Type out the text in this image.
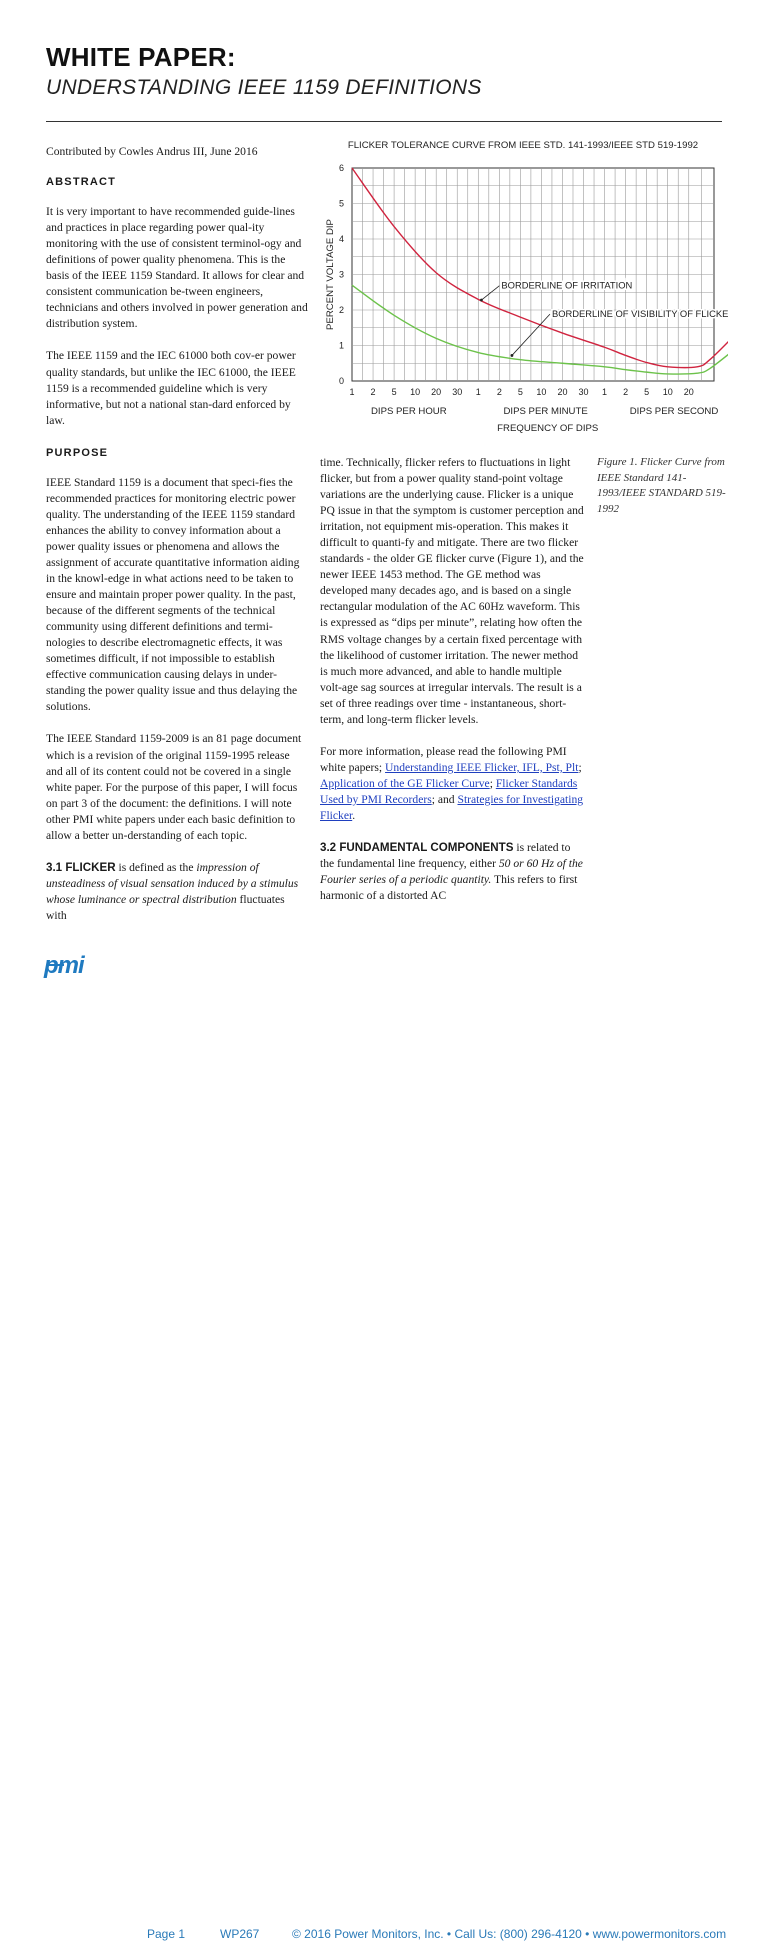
WHITE PAPER:
UNDERSTANDING IEEE 1159 DEFINITIONS

Contributed by Cowles Andrus III, June 2016

ABSTRACT

It is very important to have recommended guide-lines and practices in place regarding power qual-ity monitoring with the use of consistent terminol-ogy and definitions of power quality phenomena. This is the basis of the IEEE 1159 Standard. It allows for clear and consistent communication be-tween engineers, technicians and others involved in power generation and distribution system.

The IEEE 1159 and the IEC 61000 both cov-er power quality standards, but unlike the IEC 61000, the IEEE 1159 is a recommended guideline which is very informative, but not a national stan-dard enforced by law.

PURPOSE

IEEE Standard 1159 is a document that speci-fies the recommended practices for monitoring electric power quality. The understanding of the IEEE 1159 standard enhances the ability to convey information about a power quality issues or phenomena and allows the assignment of accurate quantitative information aiding in the knowl-edge in what actions need to be taken to ensure and maintain proper power quality. In the past, because of the different segments of the technical community using different definitions and termi-nologies to describe electromagnetic effects, it was sometimes difficult, if not impossible to establish effective communication causing delays in under-standing the power quality issue and thus delaying the solutions.

The IEEE Standard 1159-2009 is an 81 page document which is a revision of the original 1159-1995 release and all of its content could not be covered in a single white paper. For the purpose of this paper, I will focus on part 3 of the document: the definitions. I will note other PMI white papers under each basic definition to allow a better un-derstanding of each topic.

3.1 FLICKER is defined as the impression of unsteadiness of visual sensation induced by a stimulus whose luminance or spectral distribution fluctuates with

FLICKER TOLERANCE CURVE FROM IEEE STD. 141-1993/IEEE STD 519-1992
0
1
2
3
4
5
6
1 2 5 10 20 30 1 2 5 10 20 30 1 2 5 10 20
DIPS PER HOUR	DIPS PER MINUTE	DIPS PER SECOND
FREQUENCY OF DIPS
PERCENT VOLTAGE DIP	BORDERLINE OF IRRITATION
BORDERLINE OF VISIBILITY OF FLICKER

time. Technically, flicker refers to fluctuations in light flicker, but from a power quality stand-point voltage variations are the underlying cause. Flicker is a unique PQ issue in that the symptom is customer perception and irritation, not equipment mis-operation. This makes it difficult to quanti-fy and mitigate. There are two flicker standards - the older GE flicker curve (Figure 1), and the newer IEEE 1453 method. The GE method was developed many decades ago, and is based on a single rectangular modulation of the AC 60Hz waveform. This is expressed as “dips per minute”, relating how often the RMS voltage changes by a certain fixed percentage with the likelihood of customer irritation. The newer method is much more advanced, and able to handle multiple volt-age sag sources at irregular intervals. The result is a set of three readings over time - instantaneous, short-term, and long-term flicker levels.

For more information, please read the following PMI white papers; Understanding IEEE Flicker, IFL, Pst, Plt; Application of the GE Flicker Curve; Flicker Standards Used by PMI Recorders; and Strategies for Investigating Flicker.

3.2 FUNDAMENTAL COMPONENTS is related to the fundamental line frequency, either 50 or 60 Hz of the Fourier series of a periodic quantity. This refers to first harmonic of a distorted AC

Figure 1. Flicker Curve from IEEE Standard 141-1993/IEEE STANDARD 519-1992
pmi
Page 1	WP267	© 2016 Power Monitors, Inc. • Call Us: (800) 296-4120 • www.powermonitors.com
